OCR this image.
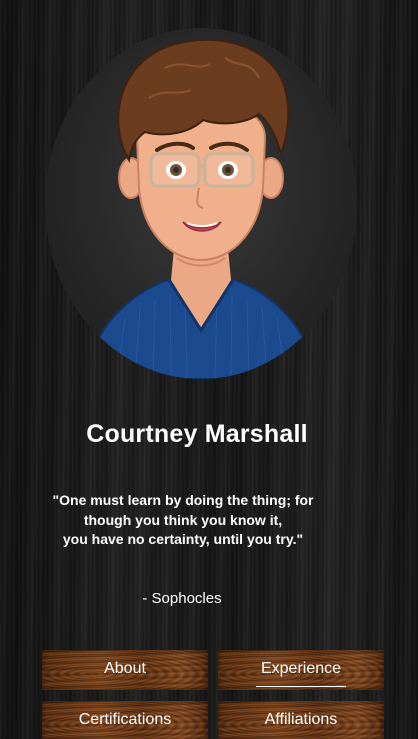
Courtney Marshall
"One must learn by doing the thing; for
though you think you know it,
you have no certainty, until you try."
- Sophocles
About	Experience
Certifications	Affiliations
